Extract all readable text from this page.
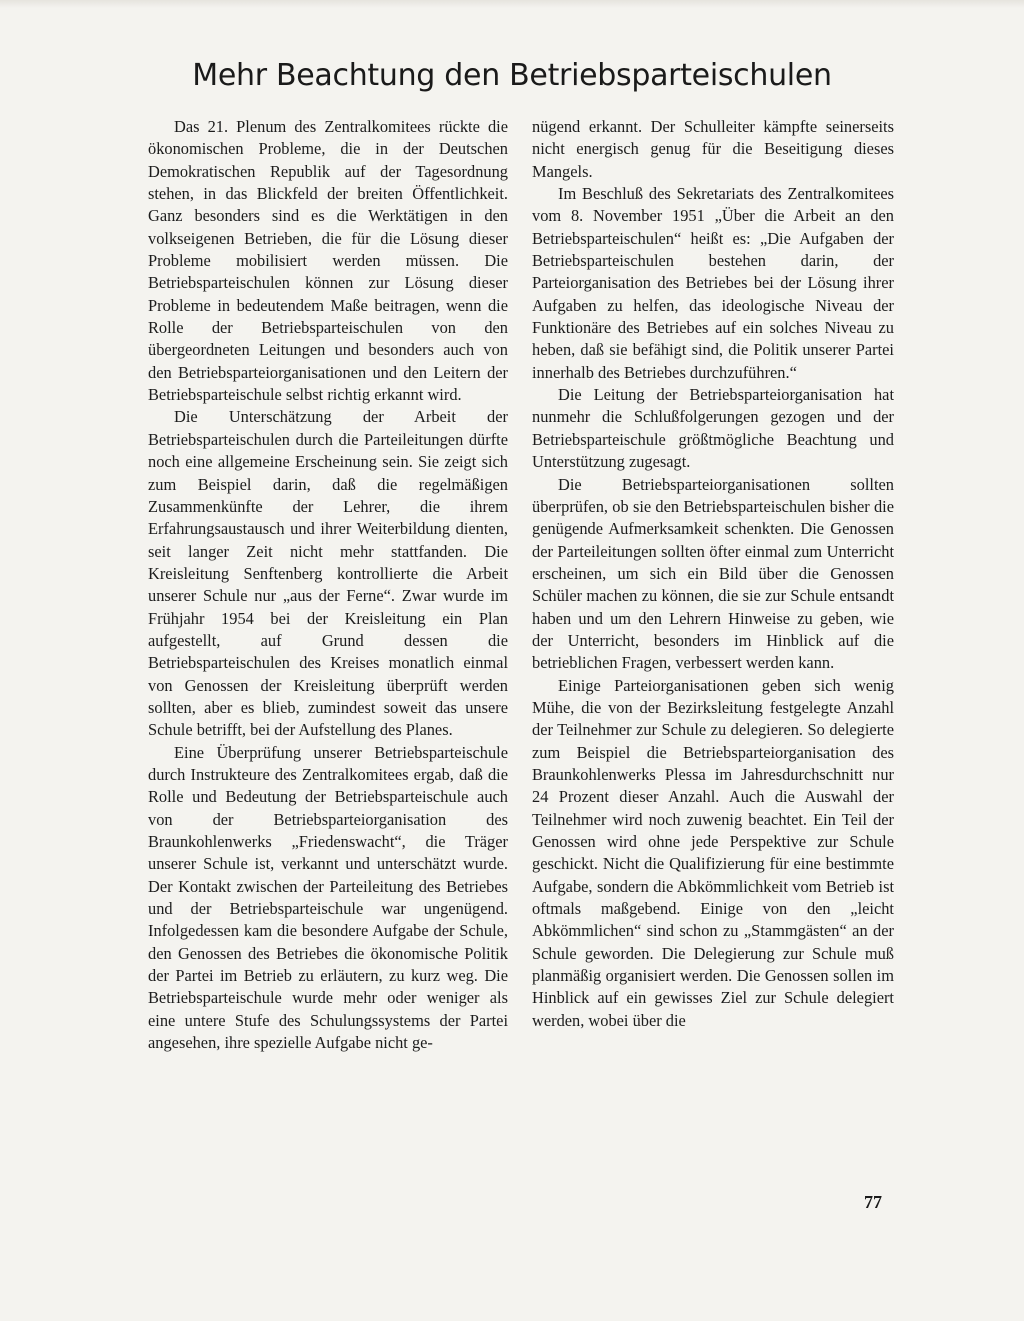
Mehr Beachtung den Betriebsparteischulen

Das 21. Plenum des Zentralkomitees rückte die ökonomischen Probleme, die in der Deutschen Demokratischen Republik auf der Tagesordnung stehen, in das Blickfeld der breiten Öffentlichkeit. Ganz besonders sind es die Werktätigen in den volkseigenen Betrieben, die für die Lösung dieser Probleme mobilisiert werden müssen. Die Betriebsparteischulen können zur Lösung dieser Probleme in bedeutendem Maße beitragen, wenn die Rolle der Betriebsparteischulen von den übergeordneten Leitungen und besonders auch von den Betriebsparteiorganisationen und den Leitern der Betriebsparteischule selbst richtig erkannt wird.

Die Unterschätzung der Arbeit der Betriebsparteischulen durch die Parteileitungen dürfte noch eine allgemeine Erscheinung sein. Sie zeigt sich zum Beispiel darin, daß die regelmäßigen Zusammenkünfte der Lehrer, die ihrem Erfahrungsaustausch und ihrer Weiterbildung dienten, seit langer Zeit nicht mehr stattfanden. Die Kreisleitung Senftenberg kontrollierte die Arbeit unserer Schule nur „aus der Ferne“. Zwar wurde im Frühjahr 1954 bei der Kreisleitung ein Plan aufgestellt, auf Grund dessen die Betriebsparteischulen des Kreises monatlich einmal von Genossen der Kreisleitung überprüft werden sollten, aber es blieb, zumindest soweit das unsere Schule betrifft, bei der Aufstellung des Planes.

Eine Überprüfung unserer Betriebsparteischule durch Instrukteure des Zentralkomitees ergab, daß die Rolle und Bedeutung der Betriebsparteischule auch von der Betriebsparteiorganisation des Braunkohlenwerks „Friedenswacht“, die Träger unserer Schule ist, verkannt und unterschätzt wurde. Der Kontakt zwischen der Parteileitung des Betriebes und der Betriebsparteischule war ungenügend. Infolgedessen kam die besondere Aufgabe der Schule, den Genossen des Betriebes die ökonomische Politik der Partei im Betrieb zu erläutern, zu kurz weg. Die Betriebsparteischule wurde mehr oder weniger als eine untere Stufe des Schulungssystems der Partei angesehen, ihre spezielle Aufgabe nicht ge-

nügend erkannt. Der Schulleiter kämpfte seinerseits nicht energisch genug für die Beseitigung dieses Mangels.

Im Beschluß des Sekretariats des Zentralkomitees vom 8. November 1951 „Über die Arbeit an den Betriebsparteischulen“ heißt es: „Die Aufgaben der Betriebsparteischulen bestehen darin, der Parteiorganisation des Betriebes bei der Lösung ihrer Aufgaben zu helfen, das ideologische Niveau der Funktionäre des Betriebes auf ein solches Niveau zu heben, daß sie befähigt sind, die Politik unserer Partei innerhalb des Betriebes durchzuführen.“

Die Leitung der Betriebsparteiorganisation hat nunmehr die Schlußfolgerungen gezogen und der Betriebsparteischule größtmögliche Beachtung und Unterstützung zugesagt.

Die Betriebsparteiorganisationen sollten überprüfen, ob sie den Betriebsparteischulen bisher die genügende Aufmerksamkeit schenkten. Die Genossen der Parteileitungen sollten öfter einmal zum Unterricht erscheinen, um sich ein Bild über die Genossen Schüler machen zu können, die sie zur Schule entsandt haben und um den Lehrern Hinweise zu geben, wie der Unterricht, besonders im Hinblick auf die betrieblichen Fragen, verbessert werden kann.

Einige Parteiorganisationen geben sich wenig Mühe, die von der Bezirksleitung festgelegte Anzahl der Teilnehmer zur Schule zu delegieren. So delegierte zum Beispiel die Betriebsparteiorganisation des Braunkohlenwerks Plessa im Jahresdurchschnitt nur 24 Prozent dieser Anzahl. Auch die Auswahl der Teilnehmer wird noch zuwenig beachtet. Ein Teil der Genossen wird ohne jede Perspektive zur Schule geschickt. Nicht die Qualifizierung für eine bestimmte Aufgabe, sondern die Abkömmlichkeit vom Betrieb ist oftmals maßgebend. Einige von den „leicht Abkömmlichen“ sind schon zu „Stammgästen“ an der Schule geworden. Die Delegierung zur Schule muß planmäßig organisiert werden. Die Genossen sollen im Hinblick auf ein gewisses Ziel zur Schule delegiert werden, wobei über die

77
